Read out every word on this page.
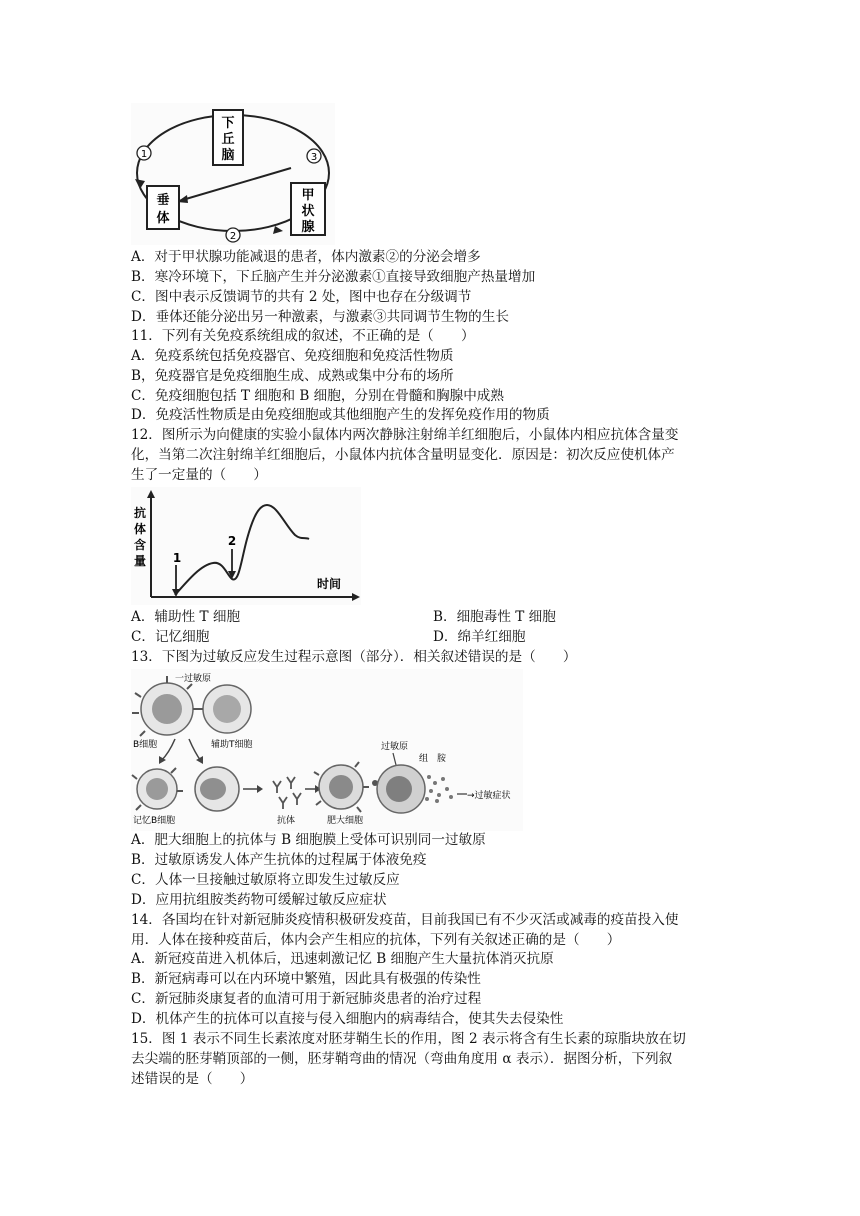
下
丘
脑
垂
体
甲
状
腺
1
2
3
A．对于甲状腺功能减退的患者，体内激素②的分泌会增多
B．寒冷环境下，下丘脑产生并分泌激素①直接导致细胞产热量增加
C．图中表示反馈调节的共有 2 处，图中也存在分级调节
D．垂体还能分泌出另一种激素，与激素③共同调节生物的生长
11．下列有关免疫系统组成的叙述，不正确的是（　　）
A．免疫系统包括免疫器官、免疫细胞和免疫活性物质
B，免疫器官是免疫细胞生成、成熟或集中分布的场所
C．免疫细胞包括 T 细胞和 B 细胞，分别在骨髓和胸腺中成熟
D．免疫活性物质是由免疫细胞或其他细胞产生的发挥免疫作用的物质
12．图所示为向健康的实验小鼠体内两次静脉注射绵羊红细胞后，小鼠体内相应抗体含量变
化，当第二次注射绵羊红细胞后，小鼠体内抗体含量明显变化．原因是：初次反应使机体产
生了一定量的（　　）
抗
体
含
量
时间
1
2
A．辅助性 T 细胞	B．细胞毒性 T 细胞
C．记忆细胞	D．绵羊红细胞
13．下图为过敏反应发生过程示意图（部分）．相关叙述错误的是（　　）
一过敏原
B细胞	辅助T细胞
记忆B细胞	抗体	肥大细胞
过敏原
组　胺
→过敏症状
A．肥大细胞上的抗体与 B 细胞膜上受体可识别同一过敏原
B．过敏原诱发人体产生抗体的过程属于体液免疫
C．人体一旦接触过敏原将立即发生过敏反应
D．应用抗组胺类药物可缓解过敏反应症状
14．各国均在针对新冠肺炎疫情积极研发疫苗，目前我国已有不少灭活或减毒的疫苗投入使
用．人体在接种疫苗后，体内会产生相应的抗体，下列有关叙述正确的是（　　）
A．新冠疫苗进入机体后，迅速刺激记忆 B 细胞产生大量抗体消灭抗原
B．新冠病毒可以在内环境中繁殖，因此具有极强的传染性
C．新冠肺炎康复者的血清可用于新冠肺炎患者的治疗过程
D．机体产生的抗体可以直接与侵入细胞内的病毒结合，使其失去侵染性
15．图 1 表示不同生长素浓度对胚芽鞘生长的作用，图 2 表示将含有生长素的琼脂块放在切
去尖端的胚芽鞘顶部的一侧，胚芽鞘弯曲的情况（弯曲角度用 α 表示）．据图分析，下列叙
述错误的是（　　）
